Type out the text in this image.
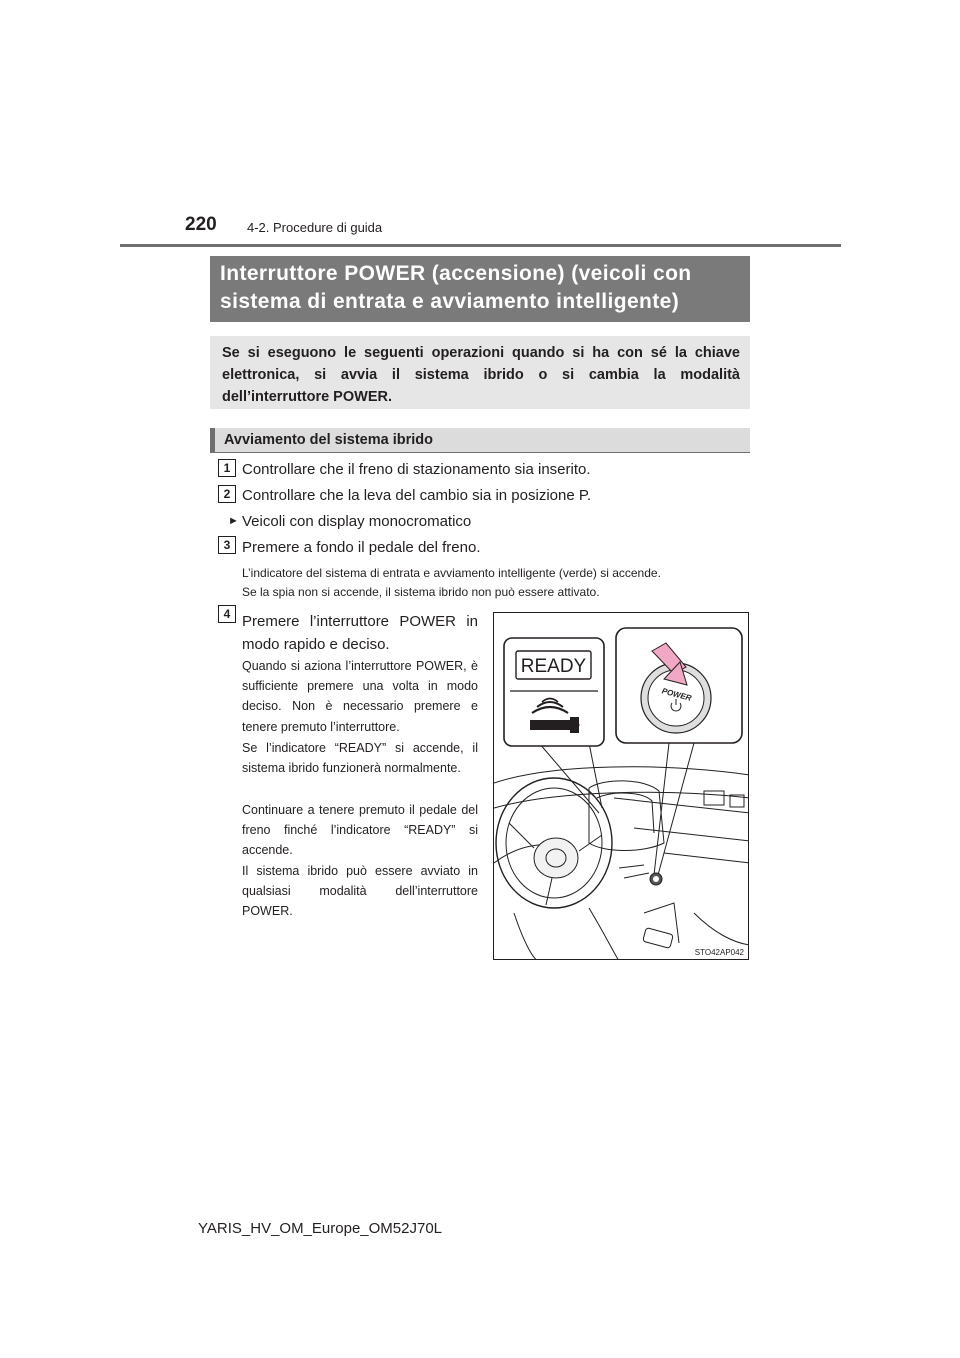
220 4-2. Procedure di guida
Interruttore POWER (accensione) (veicoli con
sistema di entrata e avviamento intelligente)
Se si eseguono le seguenti operazioni quando si ha con sé la chiave elettronica, si avvia il sistema ibrido o si cambia la modalità dell’interruttore POWER.
Avviamento del sistema ibrido
1 Controllare che il freno di stazionamento sia inserito.
2 Controllare che la leva del cambio sia in posizione P.
► Veicoli con display monocromatico
3 Premere a fondo il pedale del freno.
L’indicatore del sistema di entrata e avviamento intelligente (verde) si accende.
Se la spia non si accende, il sistema ibrido non può essere attivato.
4 Premere l’interruttore POWER in modo rapido e deciso.
Quando si aziona l’interruttore POWER, è sufficiente premere una volta in modo deciso. Non è necessario premere e tenere premuto l’interruttore.
Se l’indicatore “READY” si accende, il sistema ibrido funzionerà normalmente.
Continuare a tenere premuto il pedale del freno finché l’indicatore “READY” si accende.
Il sistema ibrido può essere avviato in qualsiasi modalità dell’interruttore POWER.
READY
POWER
STO42AP042
YARIS_HV_OM_Europe_OM52J70L
